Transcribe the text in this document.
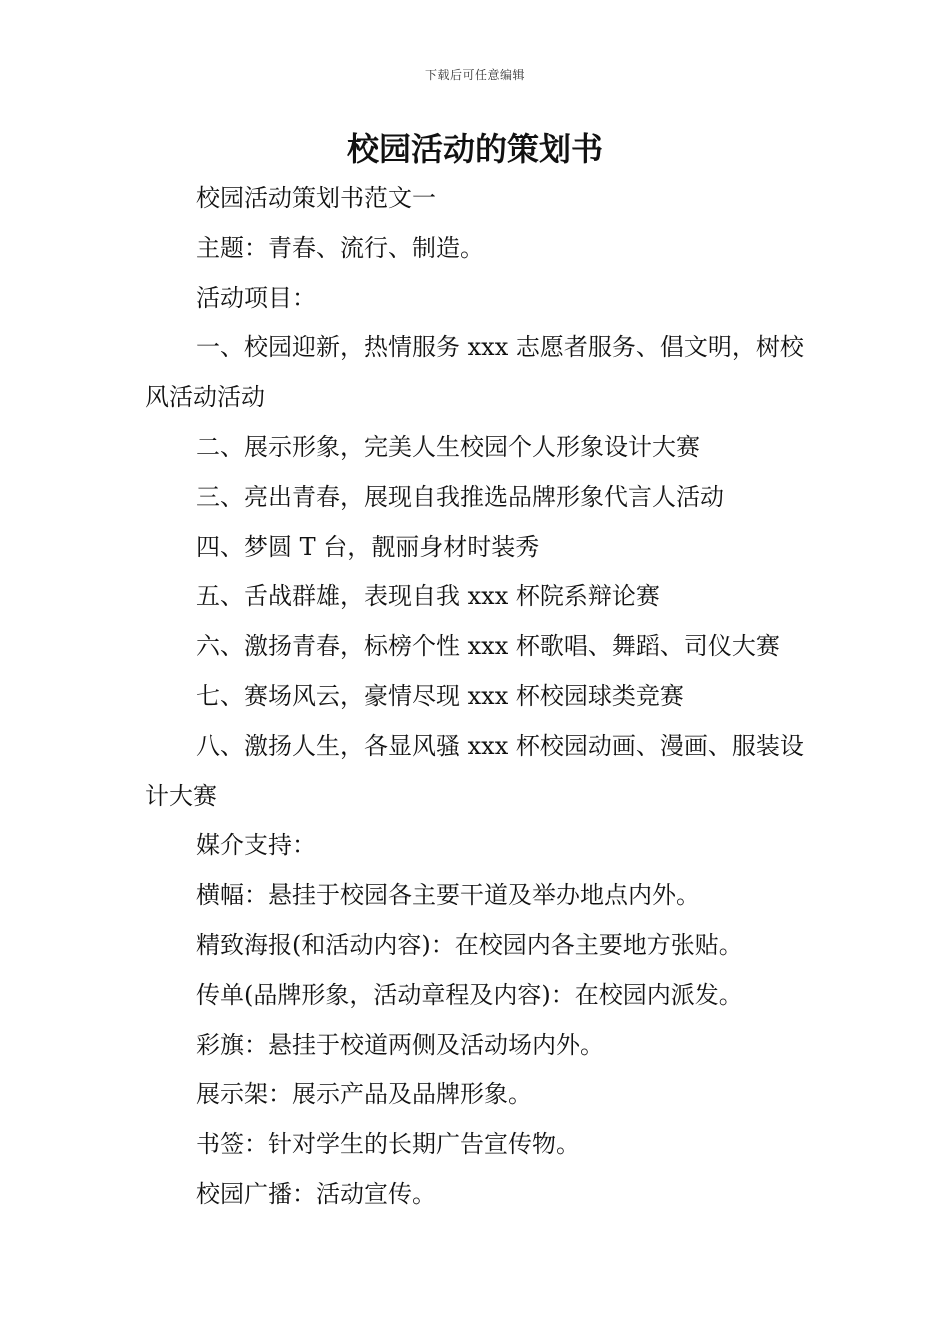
下载后可任意编辑
校园活动的策划书

校园活动策划书范文一

主题：青春、流行、制造。

活动项目：

一、校园迎新，热情服务 xxx 志愿者服务、倡文明，树校风活动活动

二、展示形象，完美人生校园个人形象设计大赛

三、亮出青春，展现自我推选品牌形象代言人活动

四、梦圆 T 台，靓丽身材时装秀

五、舌战群雄，表现自我 xxx 杯院系辩论赛

六、激扬青春，标榜个性 xxx 杯歌唱、舞蹈、司仪大赛

七、赛场风云，豪情尽现 xxx 杯校园球类竞赛

八、激扬人生，各显风骚 xxx 杯校园动画、漫画、服装设计大赛

媒介支持：

横幅：悬挂于校园各主要干道及举办地点内外。

精致海报(和活动内容)：在校园内各主要地方张贴。

传单(品牌形象，活动章程及内容)：在校园内派发。

彩旗：悬挂于校道两侧及活动场内外。

展示架：展示产品及品牌形象。

书签：针对学生的长期广告宣传物。

校园广播：活动宣传。
